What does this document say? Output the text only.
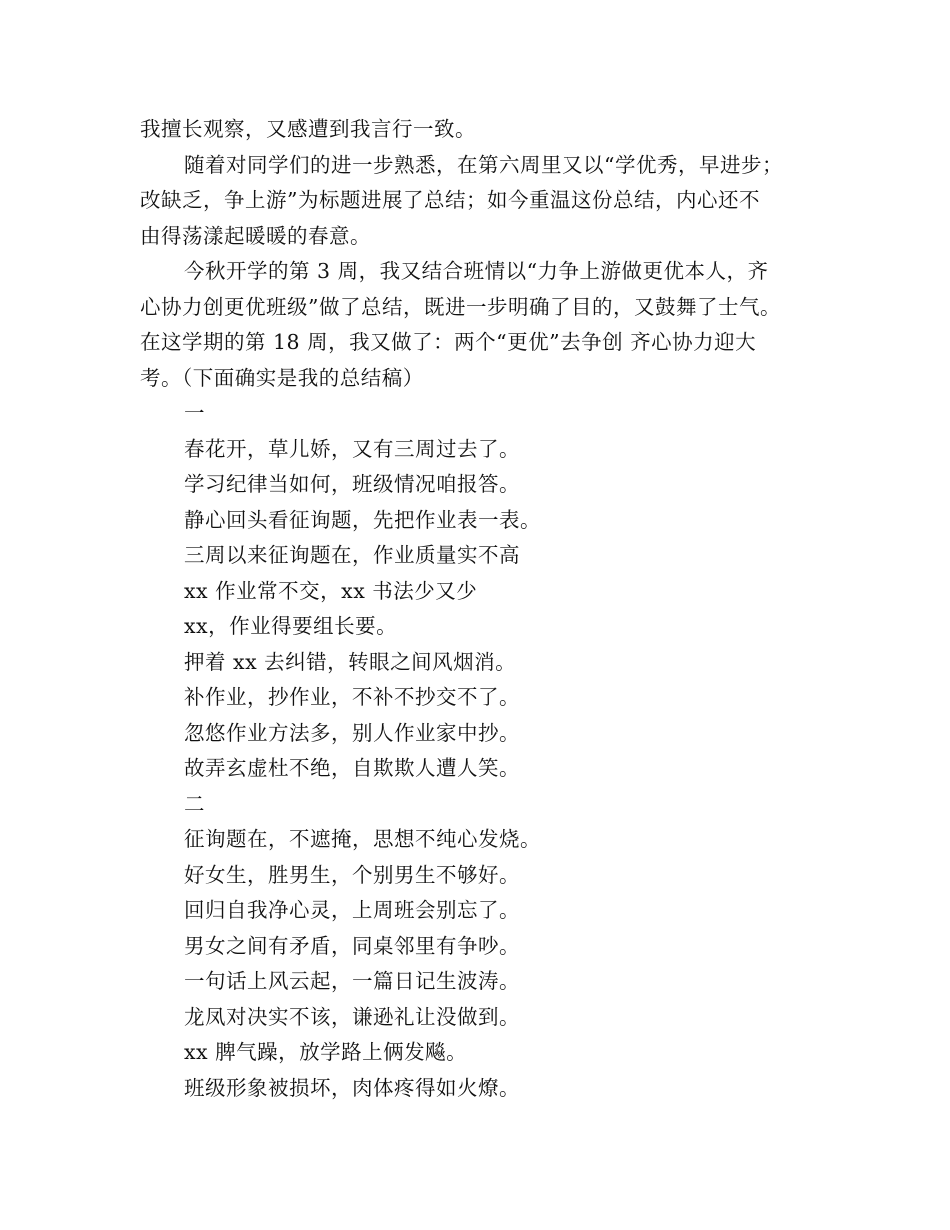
我擅长观察，又感遭到我言行一致。
随着对同学们的进一步熟悉，在第六周里又以“学优秀，早进步；
改缺乏，争上游”为标题进展了总结；如今重温这份总结，内心还不
由得荡漾起暖暖的春意。
今秋开学的第 3 周，我又结合班情以“力争上游做更优本人，齐
心协力创更优班级”做了总结，既进一步明确了目的，又鼓舞了士气。
在这学期的第 18 周，我又做了：两个“更优”去争创 齐心协力迎大
考。（下面确实是我的总结稿）
一
春花开，草儿娇，又有三周过去了。
学习纪律当如何，班级情况咱报答。
静心回头看征询题，先把作业表一表。
三周以来征询题在，作业质量实不高
xx 作业常不交，xx 书法少又少
xx，作业得要组长要。
押着 xx 去纠错，转眼之间风烟消。
补作业，抄作业，不补不抄交不了。
忽悠作业方法多，别人作业家中抄。
故弄玄虚杜不绝，自欺欺人遭人笑。
二
征询题在，不遮掩，思想不纯心发烧。
好女生，胜男生，个别男生不够好。
回归自我净心灵，上周班会别忘了。
男女之间有矛盾，同桌邻里有争吵。
一句话上风云起，一篇日记生波涛。
龙凤对决实不该，谦逊礼让没做到。
xx 脾气躁，放学路上俩发飚。
班级形象被损坏，肉体疼得如火燎。
